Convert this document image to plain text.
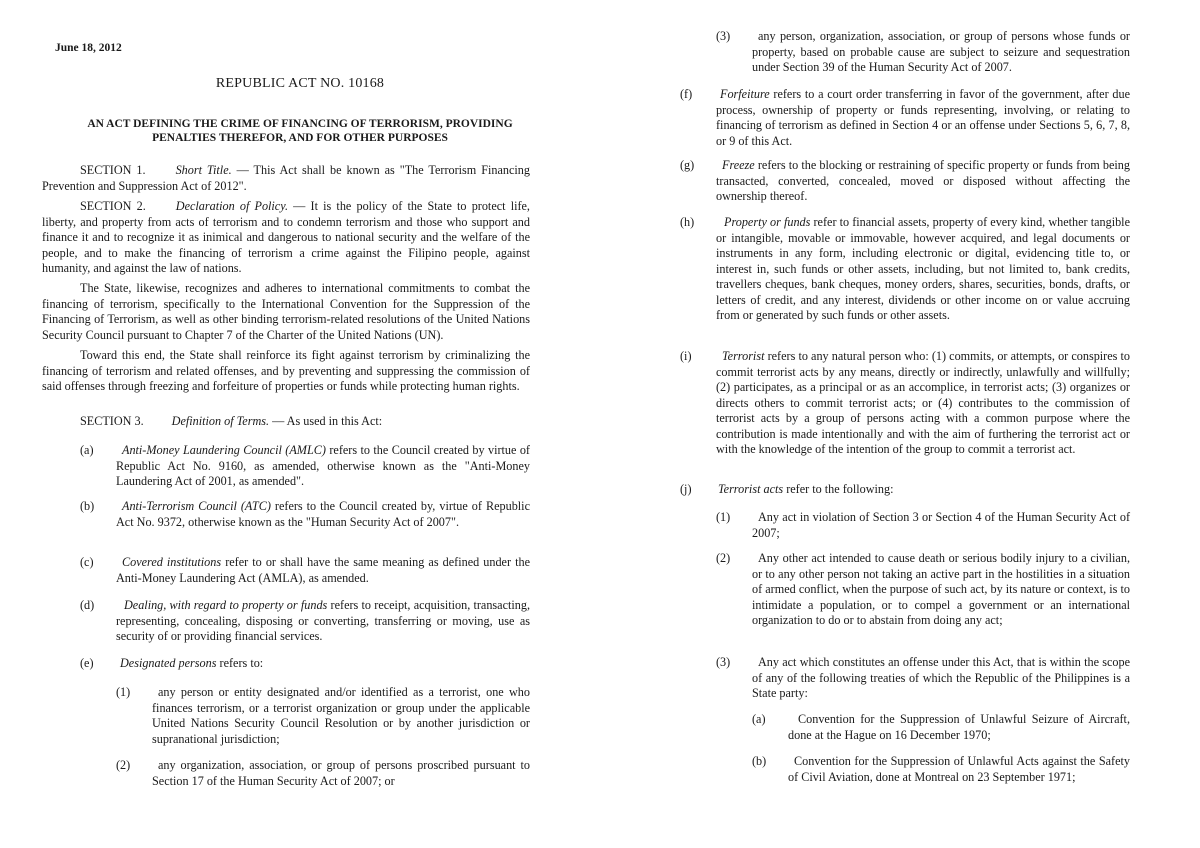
June 18, 2012
REPUBLIC ACT NO. 10168
AN ACT DEFINING THE CRIME OF FINANCING OF TERRORISM, PROVIDING PENALTIES THEREFOR, AND FOR OTHER PURPOSES
SECTION 1. Short Title. — This Act shall be known as "The Terrorism Financing Prevention and Suppression Act of 2012".
SECTION 2. Declaration of Policy. — It is the policy of the State to protect life, liberty, and property from acts of terrorism and to condemn terrorism and those who support and finance it and to recognize it as inimical and dangerous to national security and the welfare of the people, and to make the financing of terrorism a crime against the Filipino people, against humanity, and against the law of nations.
The State, likewise, recognizes and adheres to international commitments to combat the financing of terrorism, specifically to the International Convention for the Suppression of the Financing of Terrorism, as well as other binding terrorism-related resolutions of the United Nations Security Council pursuant to Chapter 7 of the Charter of the United Nations (UN).
Toward this end, the State shall reinforce its fight against terrorism by criminalizing the financing of terrorism and related offenses, and by preventing and suppressing the commission of said offenses through freezing and forfeiture of properties or funds while protecting human rights.
SECTION 3. Definition of Terms. — As used in this Act:
(a)	Anti-Money Laundering Council (AMLC) refers to the Council created by virtue of Republic Act No. 9160, as amended, otherwise known as the "Anti-Money Laundering Act of 2001, as amended".
(b)	Anti-Terrorism Council (ATC) refers to the Council created by, virtue of Republic Act No. 9372, otherwise known as the "Human Security Act of 2007".
(c)	Covered institutions refer to or shall have the same meaning as defined under the Anti-Money Laundering Act (AMLA), as amended.
(d)	Dealing, with regard to property or funds refers to receipt, acquisition, transacting, representing, concealing, disposing or converting, transferring or moving, use as security of or providing financial services.
(e) Designated persons refers to:
(1)	any person or entity designated and/or identified as a terrorist, one who finances terrorism, or a terrorist organization or group under the applicable United Nations Security Council Resolution or by another jurisdiction or supranational jurisdiction;
(2)	any organization, association, or group of persons proscribed pursuant to Section 17 of the Human Security Act of 2007; or
(3)	any person, organization, association, or group of persons whose funds or property, based on probable cause are subject to seizure and sequestration under Section 39 of the Human Security Act of 2007.
(f)	Forfeiture refers to a court order transferring in favor of the government, after due process, ownership of property or funds representing, involving, or relating to financing of terrorism as defined in Section 4 or an offense under Sections 5, 6, 7, 8, or 9 of this Act.
(g)	Freeze refers to the blocking or restraining of specific property or funds from being transacted, converted, concealed, moved or disposed without affecting the ownership thereof.
(h)	Property or funds refer to financial assets, property of every kind, whether tangible or intangible, movable or immovable, however acquired, and legal documents or instruments in any form, including electronic or digital, evidencing title to, or interest in, such funds or other assets, including, but not limited to, bank credits, travellers cheques, bank cheques, money orders, shares, securities, bonds, drafts, or letters of credit, and any interest, dividends or other income on or value accruing from or generated by such funds or other assets.
(i)	Terrorist refers to any natural person who: (1) commits, or attempts, or conspires to commit terrorist acts by any means, directly or indirectly, unlawfully and willfully; (2) participates, as a principal or as an accomplice, in terrorist acts; (3) organizes or directs others to commit terrorist acts; or (4) contributes to the commission of terrorist acts by a group of persons acting with a common purpose where the contribution is made intentionally and with the aim of furthering the terrorist act or with the knowledge of the intention of the group to commit a terrorist act.
(j) Terrorist acts refer to the following:
(1)	Any act in violation of Section 3 or Section 4 of the Human Security Act of 2007;
(2)	Any other act intended to cause death or serious bodily injury to a civilian, or to any other person not taking an active part in the hostilities in a situation of armed conflict, when the purpose of such act, by its nature or context, is to intimidate a population, or to compel a government or an international organization to do or to abstain from doing any act;
(3)	Any act which constitutes an offense under this Act, that is within the scope of any of the following treaties of which the Republic of the Philippines is a State party:
(a)	Convention for the Suppression of Unlawful Seizure of Aircraft, done at the Hague on 16 December 1970;
(b)	Convention for the Suppression of Unlawful Acts against the Safety of Civil Aviation, done at Montreal on 23 September 1971;
